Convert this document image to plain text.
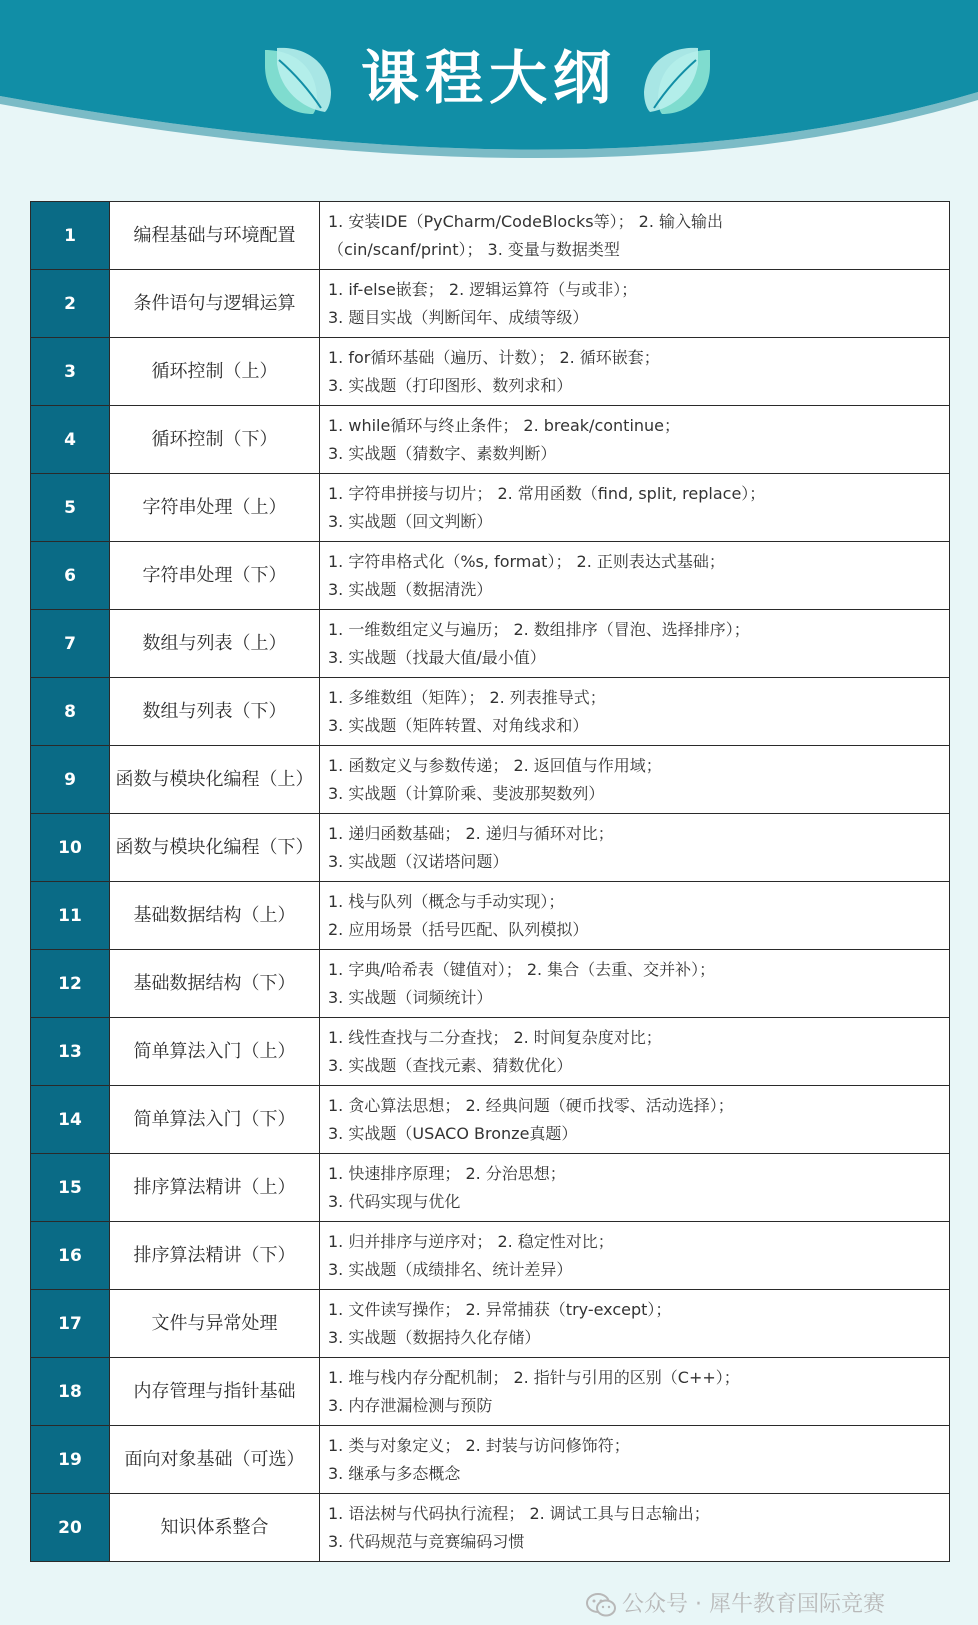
课程大纲
1	编程基础与环境配置	1. 安装IDE（PyCharm/CodeBlocks等）； 2. 输入输出
（cin/scanf/print）； 3. 变量与数据类型

2	条件语句与逻辑运算	1. if-else嵌套； 2. 逻辑运算符（与或非）；
3. 题目实战（判断闰年、成绩等级）

3	循环控制（上）	1. for循环基础（遍历、计数）； 2. 循环嵌套；
3. 实战题（打印图形、数列求和）

4	循环控制（下）	1. while循环与终止条件； 2. break/continue；
3. 实战题（猜数字、素数判断）

5	字符串处理（上）	1. 字符串拼接与切片； 2. 常用函数（find, split, replace）；
3. 实战题（回文判断）

6	字符串处理（下）	1. 字符串格式化（%s, format）； 2. 正则表达式基础；
3. 实战题（数据清洗）

7	数组与列表（上）	1. 一维数组定义与遍历； 2. 数组排序（冒泡、选择排序）；
3. 实战题（找最大值/最小值）

8	数组与列表（下）	1. 多维数组（矩阵）； 2. 列表推导式；
3. 实战题（矩阵转置、对角线求和）

9	函数与模块化编程（上）	1. 函数定义与参数传递； 2. 返回值与作用域；
3. 实战题（计算阶乘、斐波那契数列）

10	函数与模块化编程（下）	1. 递归函数基础； 2. 递归与循环对比；
3. 实战题（汉诺塔问题）

11	基础数据结构（上）	1. 栈与队列（概念与手动实现）；
2. 应用场景（括号匹配、队列模拟）

12	基础数据结构（下）	1. 字典/哈希表（键值对）； 2. 集合（去重、交并补）；
3. 实战题（词频统计）

13	简单算法入门（上）	1. 线性查找与二分查找； 2. 时间复杂度对比；
3. 实战题（查找元素、猜数优化）

14	简单算法入门（下）	1. 贪心算法思想； 2. 经典问题（硬币找零、活动选择）；
3. 实战题（USACO Bronze真题）

15	排序算法精讲（上）	1. 快速排序原理； 2. 分治思想；
3. 代码实现与优化

16	排序算法精讲（下）	1. 归并排序与逆序对； 2. 稳定性对比；
3. 实战题（成绩排名、统计差异）

17	文件与异常处理	1. 文件读写操作； 2. 异常捕获（try-except）；
3. 实战题（数据持久化存储）

18	内存管理与指针基础	1. 堆与栈内存分配机制； 2. 指针与引用的区别（C++）；
3. 内存泄漏检测与预防

19	面向对象基础（可选）	1. 类与对象定义； 2. 封装与访问修饰符；
3. 继承与多态概念

20	知识体系整合	1. 语法树与代码执行流程； 2. 调试工具与日志输出；
3. 代码规范与竞赛编码习惯
公众号 · 犀牛教育国际竞赛
